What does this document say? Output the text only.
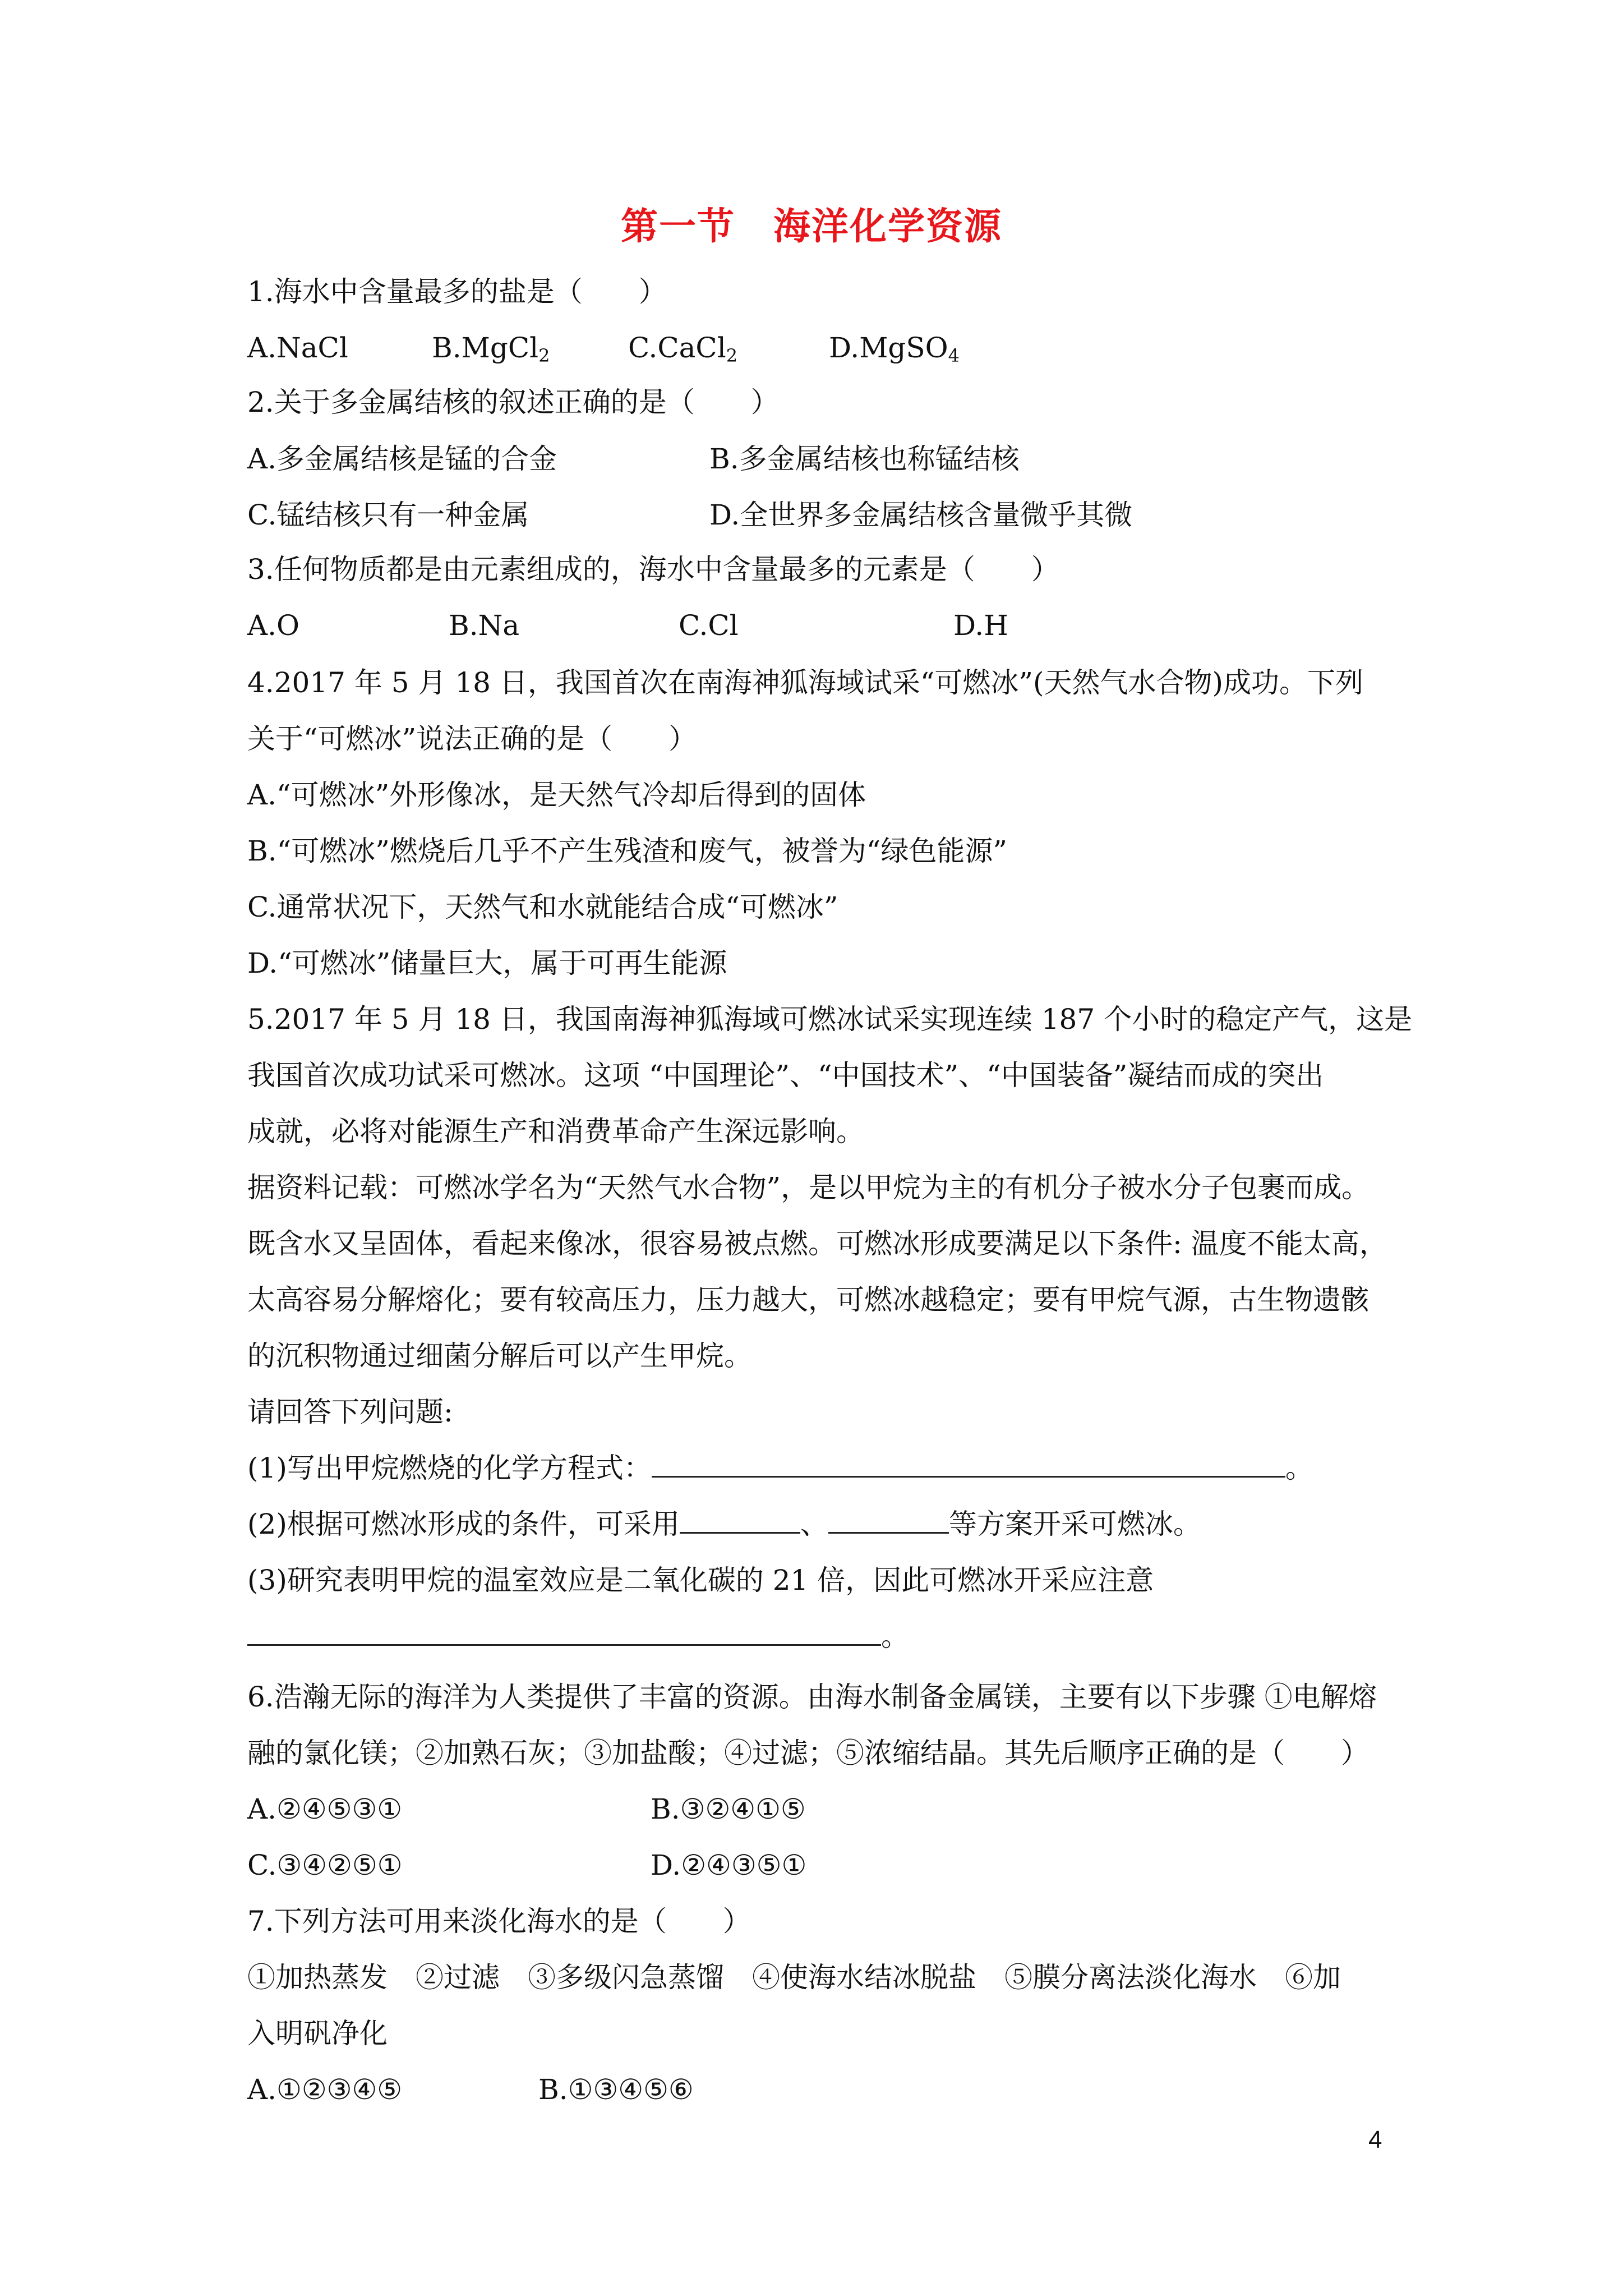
第一节　海洋化学资源
1.海水中含量最多的盐是（　　）
A.NaCl	B.MgCl$_2$	C.CaCl$_2$	D.MgSO$_4$
2.关于多金属结核的叙述正确的是（　　）
A.多金属结核是锰的合金	B.多金属结核也称锰结核
C.锰结核只有一种金属	D.全世界多金属结核含量微乎其微
3.任何物质都是由元素组成的，海水中含量最多的元素是（　　）
A.O	B.Na	C.Cl	D.H
4.2017 年 5 月 18 日，我国首次在南海神狐海域试采“可燃冰”(天然气水合物)成功。下列
关于“可燃冰”说法正确的是（　　）
A.“可燃冰”外形像冰，是天然气冷却后得到的固体
B.“可燃冰”燃烧后几乎不产生残渣和废气，被誉为“绿色能源”
C.通常状况下，天然气和水就能结合成“可燃冰”
D.“可燃冰”储量巨大，属于可再生能源
5.2017 年 5 月 18 日，我国南海神狐海域可燃冰试采实现连续 187 个小时的稳定产气，这是
我国首次成功试采可燃冰。这项 “中国理论”、“中国技术”、“中国装备”凝结而成的突出
成就，必将对能源生产和消费革命产生深远影响。
据资料记载：可燃冰学名为“天然气水合物”，是以甲烷为主的有机分子被水分子包裹而成。
既含水又呈固体，看起来像冰，很容易被点燃。可燃冰形成要满足以下条件: 温度不能太高，
太高容易分解熔化；要有较高压力，压力越大，可燃冰越稳定；要有甲烷气源，古生物遗骸
的沉积物通过细菌分解后可以产生甲烷。
请回答下列问题:
(1)写出甲烷燃烧的化学方程式：	。
(2)根据可燃冰形成的条件，可采用	、	等方案开采可燃冰。
(3)研究表明甲烷的温室效应是二氧化碳的 21 倍，因此可燃冰开采应注意
。
6.浩瀚无际的海洋为人类提供了丰富的资源。由海水制备金属镁，主要有以下步骤 ①电解熔
融的氯化镁；②加熟石灰；③加盐酸；④过滤；⑤浓缩结晶。其先后顺序正确的是（　　）
A.②④⑤③①	B.③②④①⑤
C.③④②⑤①	D.②④③⑤①
7.下列方法可用来淡化海水的是（　　）
①加热蒸发　②过滤　③多级闪急蒸馏　④使海水结冰脱盐　⑤膜分离法淡化海水　⑥加
入明矾净化
A.①②③④⑤	B.①③④⑤⑥
4
